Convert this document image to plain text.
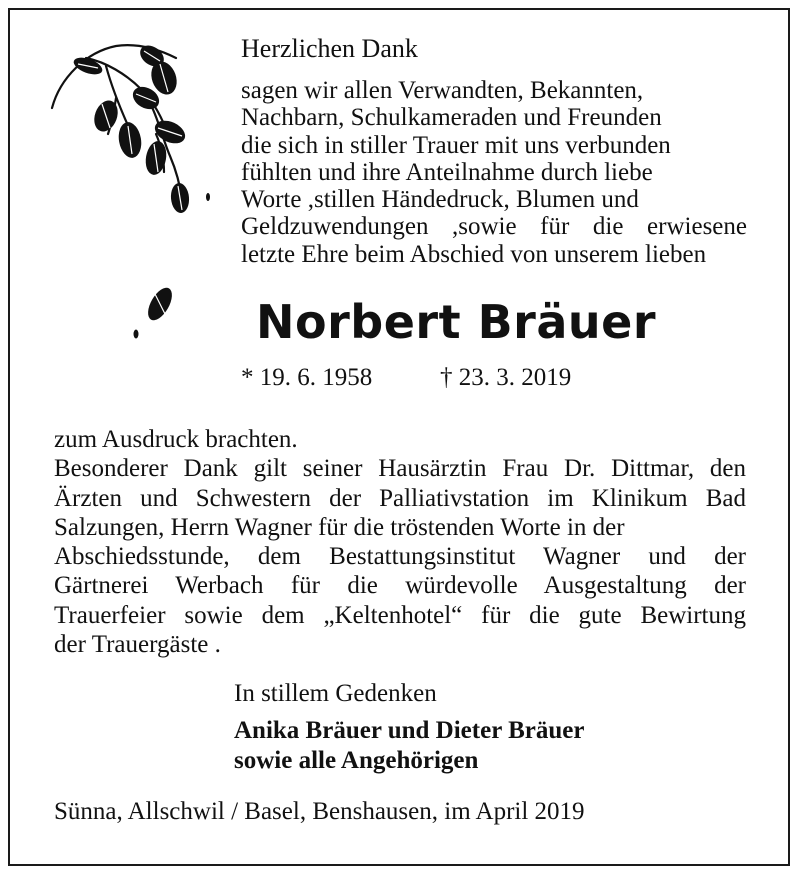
Herzlichen Dank
sagen wir allen Verwandten, Bekannten,
Nachbarn, Schulkameraden und Freunden
die sich in stiller Trauer mit uns verbunden
fühlten und ihre Anteilnahme durch liebe
Worte ,stillen Händedruck, Blumen und
Geldzuwendungen ,sowie für die erwiesene
letzte Ehre beim Abschied von unserem lieben
Norbert Bräuer
* 19. 6. 1958	† 23. 3. 2019
zum Ausdruck brachten.
Besonderer Dank gilt seiner Hausärztin Frau Dr. Dittmar, den
Ärzten und Schwestern der Palliativstation im Klinikum Bad
Salzungen, Herrn Wagner für die tröstenden Worte in der
Abschiedsstunde, dem Bestattungsinstitut Wagner und der
Gärtnerei Werbach für die würdevolle Ausgestaltung der
Trauerfeier sowie dem „Keltenhotel“ für die gute Bewirtung
der Trauergäste .
In stillem Gedenken
Anika Bräuer und Dieter Bräuer
sowie alle Angehörigen
Sünna, Allschwil / Basel, Benshausen, im April 2019
